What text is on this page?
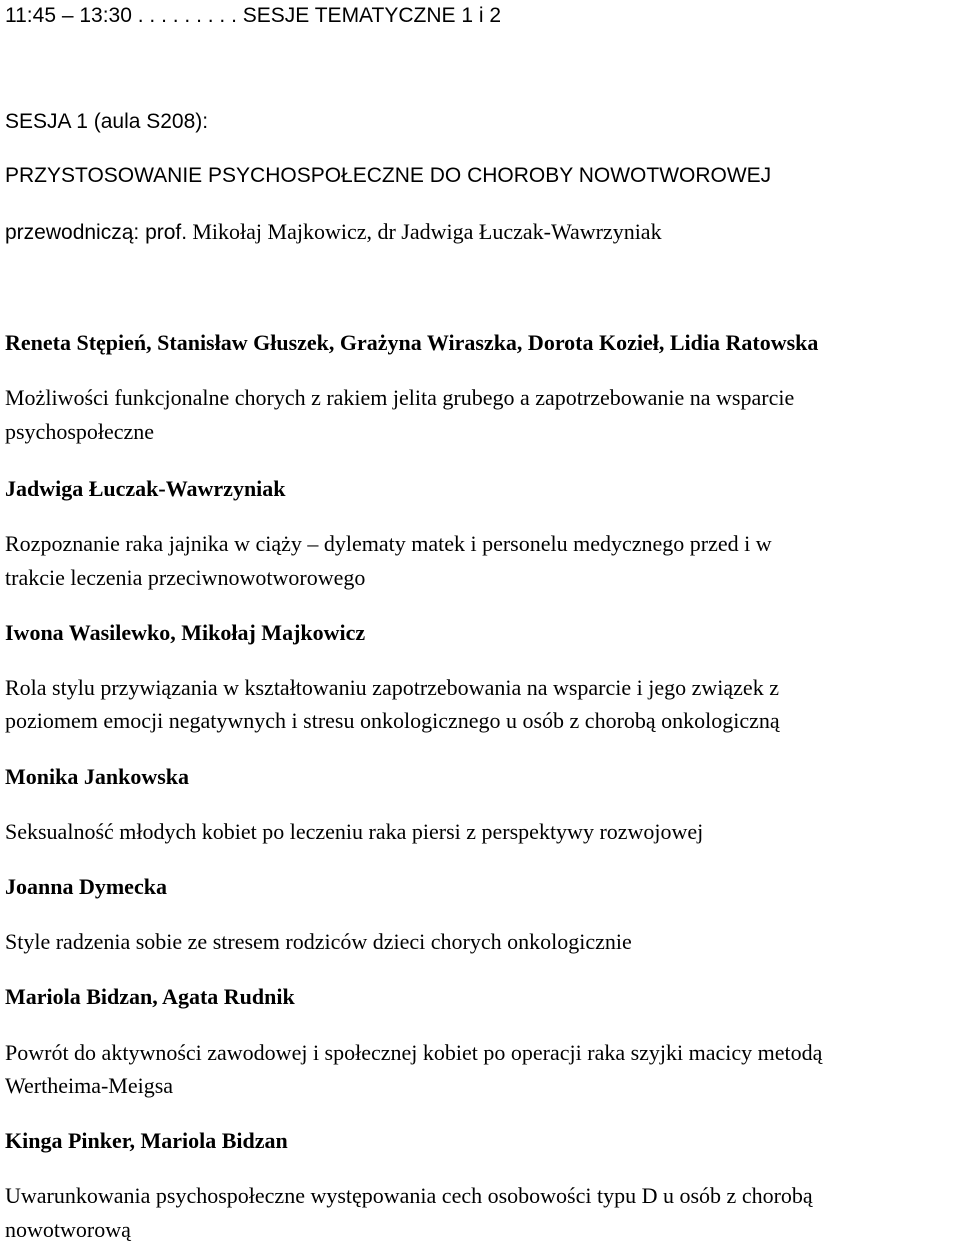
11:45 – 13:30 . . . . . . . . . SESJE TEMATYCZNE 1 i 2
SESJA 1 (aula S208):
PRZYSTOSOWANIE PSYCHOSPOŁECZNE DO CHOROBY NOWOTWOROWEJ
przewodniczą: prof. Mikołaj Majkowicz, dr Jadwiga Łuczak-Wawrzyniak
Reneta Stępień, Stanisław Głuszek, Grażyna Wiraszka, Dorota Kozieł, Lidia Ratowska
Możliwości funkcjonalne chorych z rakiem jelita grubego a zapotrzebowanie na wsparcie
psychospołeczne
Jadwiga Łuczak-Wawrzyniak
Rozpoznanie raka jajnika w ciąży – dylematy matek i personelu medycznego przed i w
trakcie leczenia przeciwnowotworowego
Iwona Wasilewko, Mikołaj Majkowicz
Rola stylu przywiązania w kształtowaniu zapotrzebowania na wsparcie i jego związek z
poziomem emocji negatywnych i stresu onkologicznego u osób z chorobą onkologiczną
Monika Jankowska
Seksualność młodych kobiet po leczeniu raka piersi z perspektywy rozwojowej
Joanna Dymecka
Style radzenia sobie ze stresem rodziców dzieci chorych onkologicznie
Mariola Bidzan, Agata Rudnik
Powrót do aktywności zawodowej i społecznej kobiet po operacji raka szyjki macicy metodą
Wertheima-Meigsa
Kinga Pinker, Mariola Bidzan
Uwarunkowania psychospołeczne występowania cech osobowości typu D u osób z chorobą
nowotworową
